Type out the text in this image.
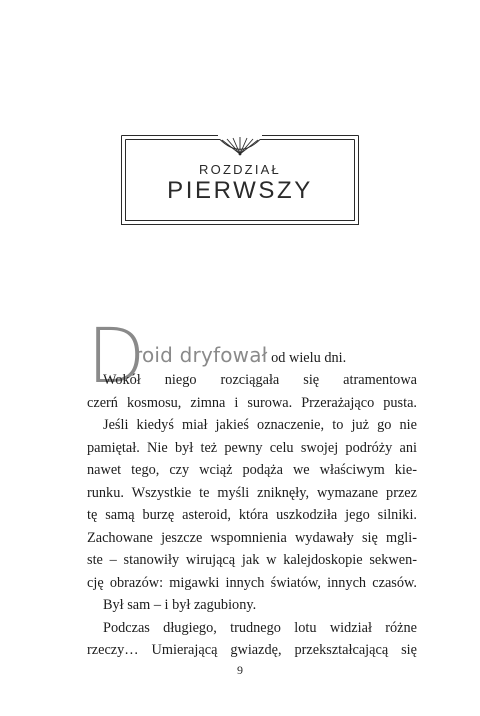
ROZDZIAŁ
PIERWSZY
D
roid dryfował od wielu dni.
Wokół niego rozciągała się atramentowa
czerń kosmosu, zimna i surowa. Przerażająco pusta.
Jeśli kiedyś miał jakieś oznaczenie, to już go nie
pamiętał. Nie był też pewny celu swojej podróży ani
nawet tego, czy wciąż podąża we właściwym kie-
runku. Wszystkie te myśli zniknęły, wymazane przez
tę samą burzę asteroid, która uszkodziła jego silniki.
Zachowane jeszcze wspomnienia wydawały się mgli-
ste – stanowiły wirującą jak w kalejdoskopie sekwen-
cję obrazów: migawki innych światów, innych czasów.
Był sam – i był zagubiony.
Podczas długiego, trudnego lotu widział różne
rzeczy… Umierającą gwiazdę, przekształcającą się
9
